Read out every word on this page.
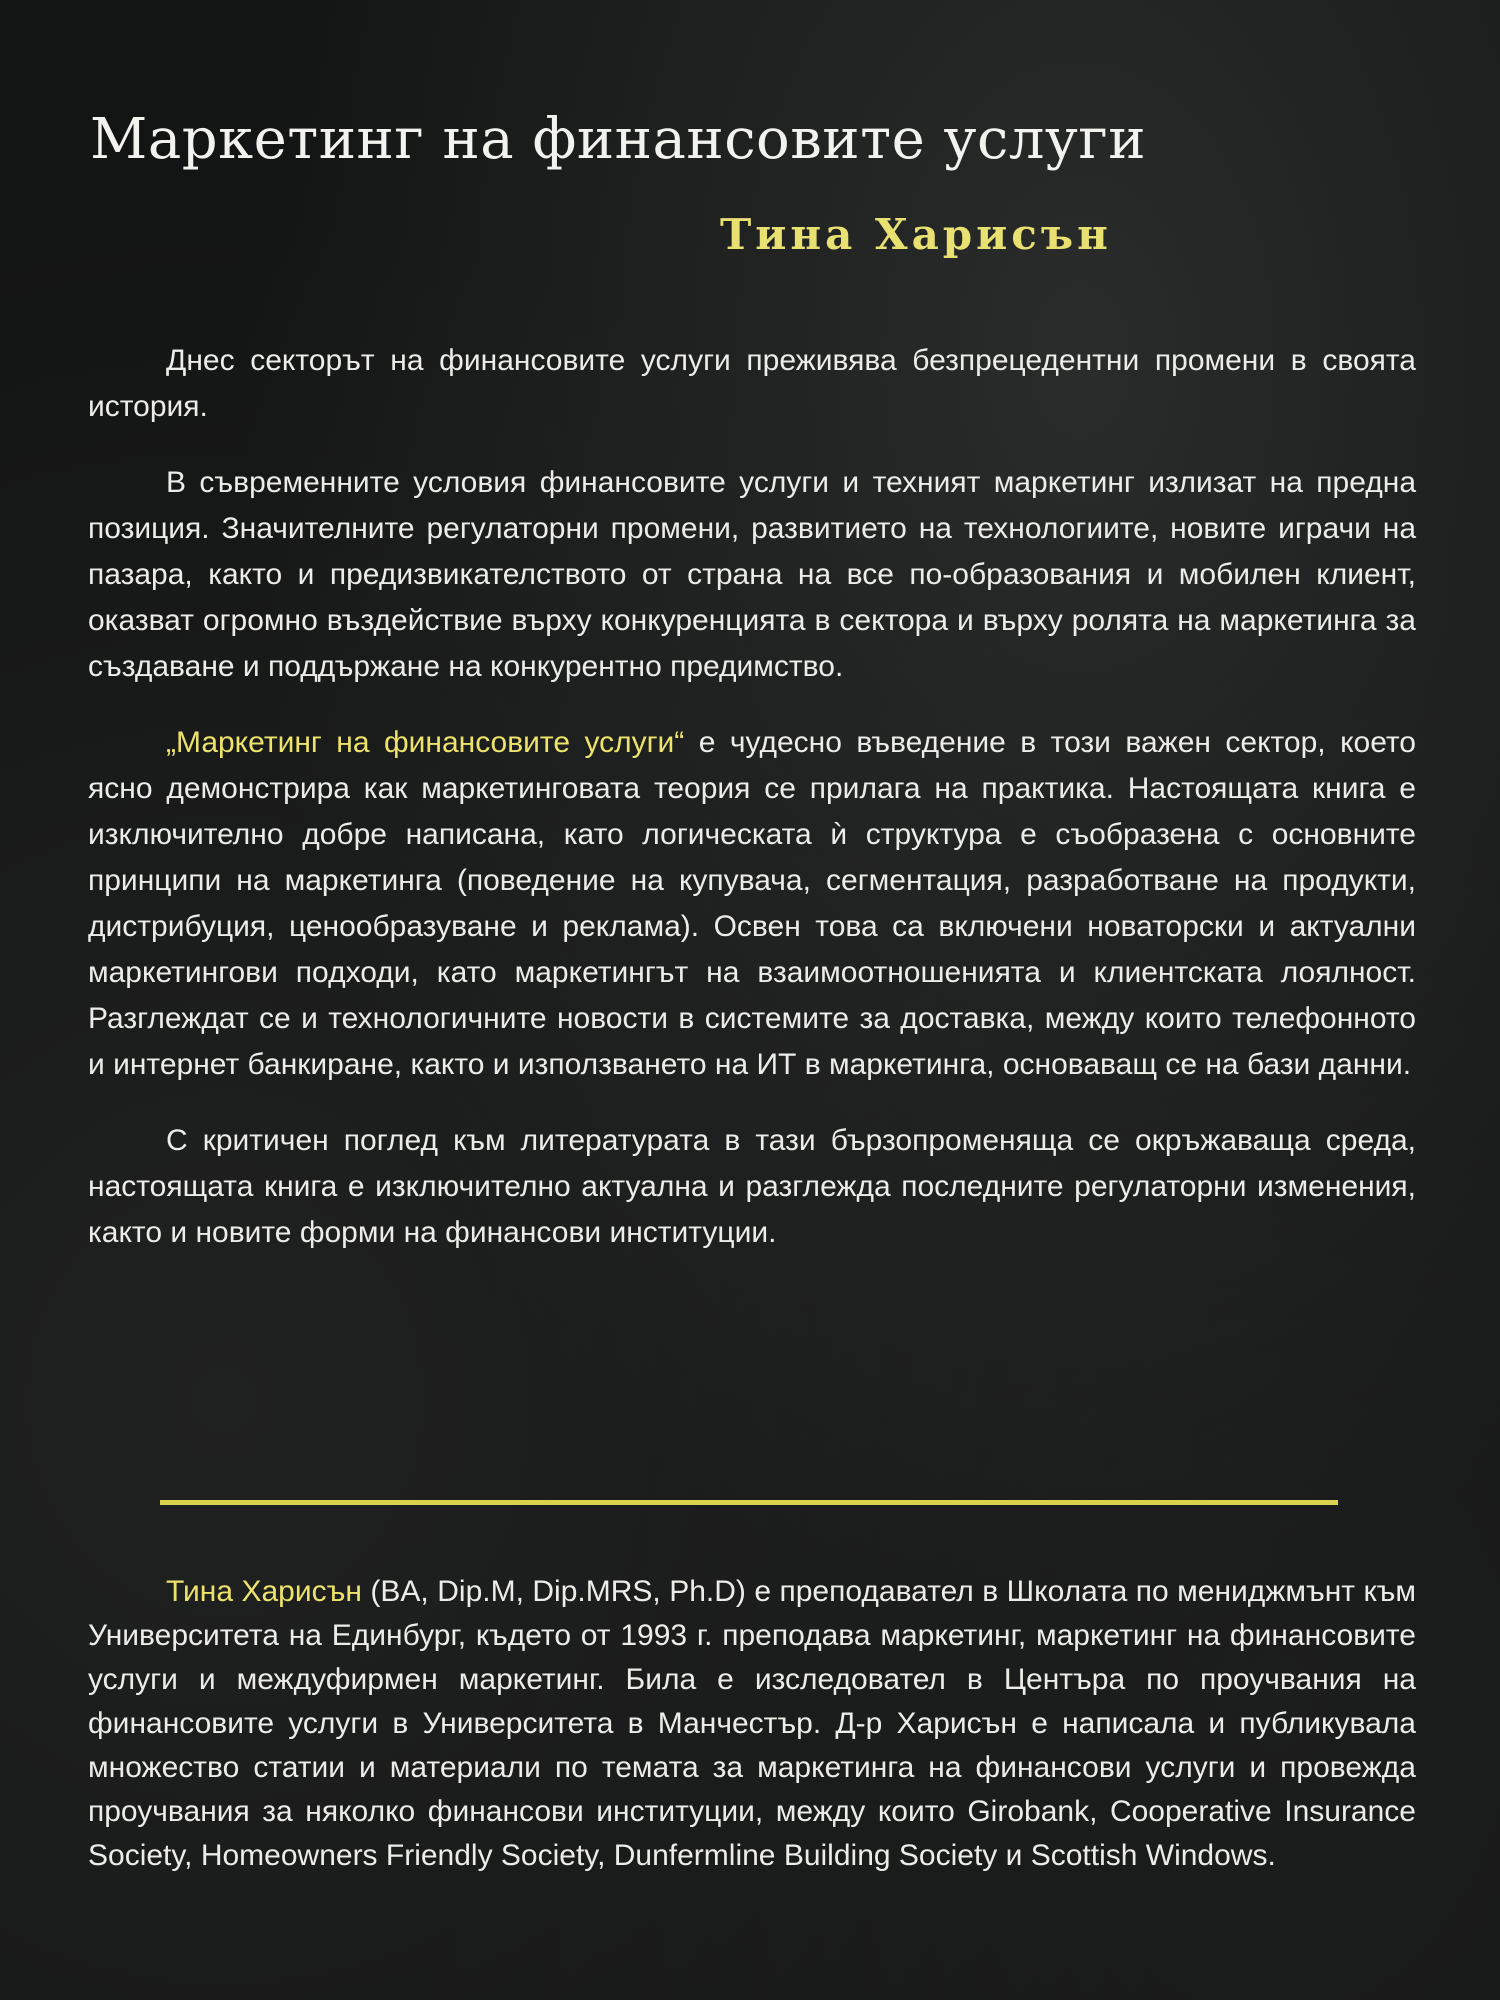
Маркетинг на финансовите услуги
Тина Харисън

Днес секторът на финансовите услуги преживява безпрецедентни промени в своята история.

В съвременните условия финансовите услуги и техният маркетинг излизат на предна позиция. Значителните регулаторни промени, развитието на технологиите, новите играчи на пазара, както и предизвикателството от страна на все по-образования и мобилен клиент, оказват огромно въздействие върху конкуренцията в сектора и върху ролята на маркетинга за създаване и поддържане на конкурентно предимство.

„Маркетинг на финансовите услуги“ е чудесно въведение в този важен сектор, което ясно демонстрира как маркетинговата теория се прилага на практика. Настоящата книга е изключително добре написана, като логическата ѝ структура е съобразена с основните принципи на маркетинга (поведение на купувача, сегментация, разработване на продукти, дистрибуция, ценообразуване и реклама). Освен това са включени новаторски и актуални маркетингови подходи, като маркетингът на взаимоотношенията и клиентската лоялност. Разглеждат се и технологичните новости в системите за доставка, между които телефонното и интернет банкиране, както и използването на ИТ в маркетинга, основаващ се на бази данни.

С критичен поглед към литературата в тази бързопроменяща се окръжаваща среда, настоящата книга е изключително актуална и разглежда последните регулаторни изменения, както и новите форми на финансови институции.

Тина Харисън (BA, Dip.M, Dip.MRS, Ph.D) е преподавател в Школата по мениджмънт към Университета на Единбург, където от 1993 г. преподава маркетинг, маркетинг на финансовите услуги и междуфирмен маркетинг. Била е изследовател в Центъра по проучвания на финансовите услуги в Университета в Манчестър. Д-р Харисън е написала и публикувала множество статии и материали по темата за маркетинга на финансови услуги и провежда проучвания за няколко финансови институции, между които Girobank, Cooperative Insurance Society, Homeowners Friendly Society, Dunfermline Building Society и Scottish Windows.
